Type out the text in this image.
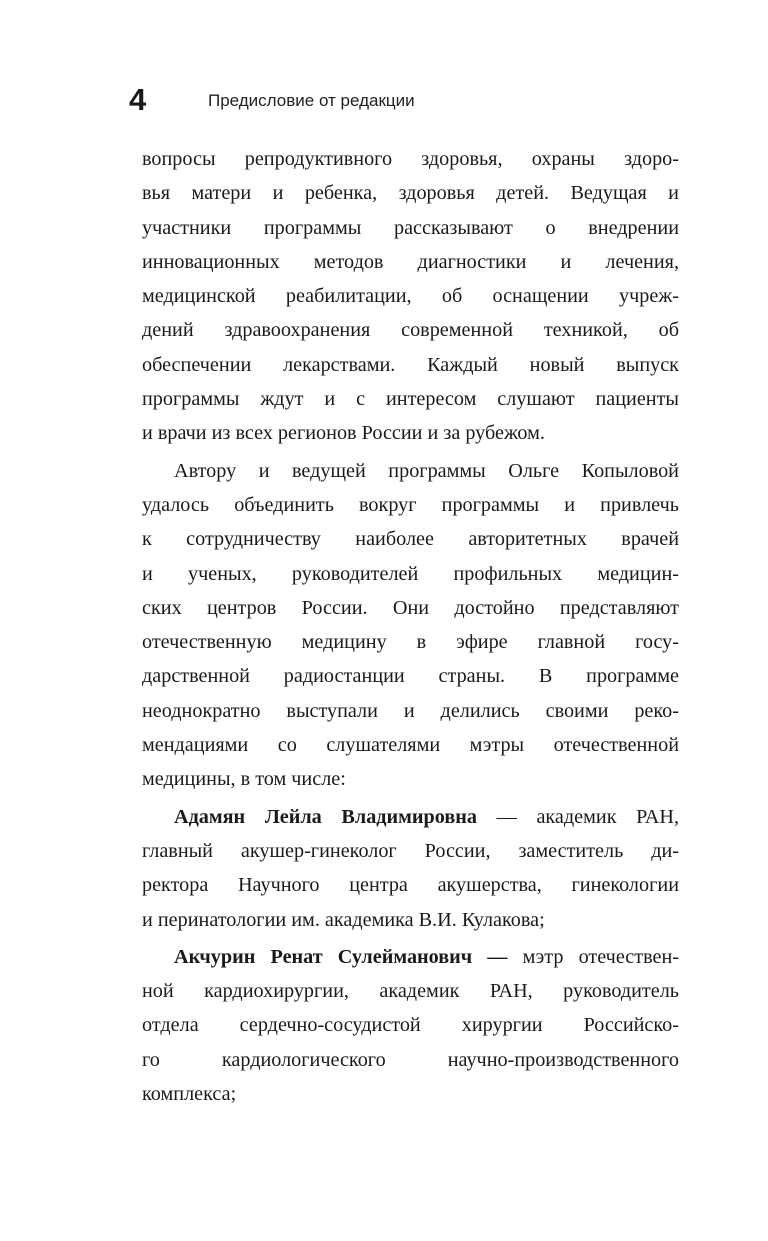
4	Предисловие от редакции
вопросы репродуктивного здоровья, охраны здоро-
вья матери и ребенка, здоровья детей. Ведущая и
участники программы рассказывают о внедрении
инновационных методов диагностики и лечения,
медицинской реабилитации, об оснащении учреж-
дений здравоохранения современной техникой, об
обеспечении лекарствами. Каждый новый выпуск
программы ждут и с интересом слушают пациенты
и врачи из всех регионов России и за рубежом.
Автору и ведущей программы Ольге Копыловой
удалось объединить вокруг программы и привлечь
к сотрудничеству наиболее авторитетных врачей
и ученых, руководителей профильных медицин-
ских центров России. Они достойно представляют
отечественную медицину в эфире главной госу-
дарственной радиостанции страны. В программе
неоднократно выступали и делились своими реко-
мендациями со слушателями мэтры отечественной
медицины, в том числе:
Адамян Лейла Владимировна — академик РАН,
главный акушер-гинеколог России, заместитель ди-
ректора Научного центра акушерства, гинекологии
и перинатологии им. академика В.И. Кулакова;
Акчурин Ренат Сулейманович — мэтр отечествен-
ной кардиохирургии, академик РАН, руководитель
отдела сердечно-сосудистой хирургии Российско-
го кардиологического научно-производственного
комплекса;
